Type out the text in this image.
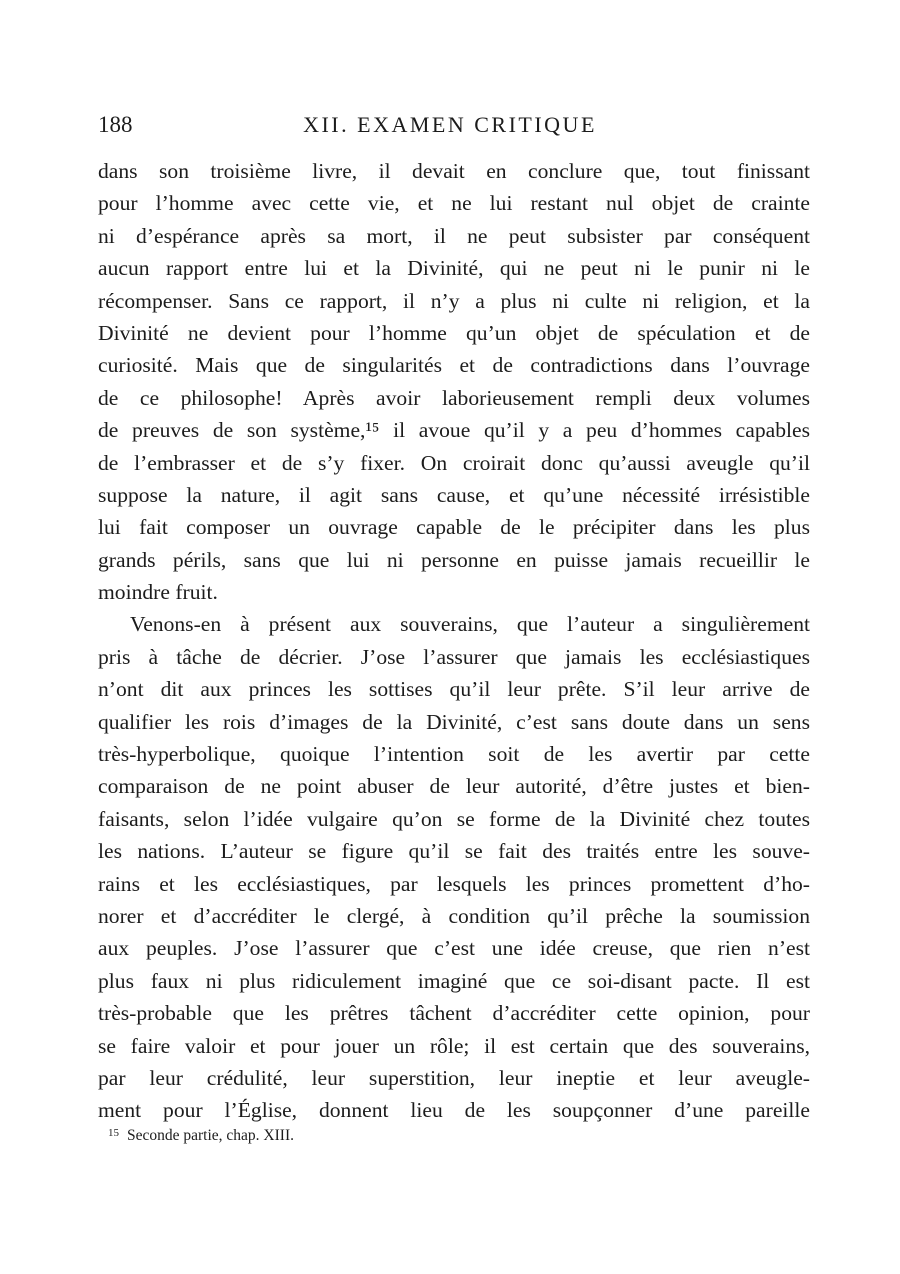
188	XII. EXAMEN CRITIQUE
dans son troisième livre, il devait en conclure que, tout finissant
pour l’homme avec cette vie, et ne lui restant nul objet de crainte
ni d’espérance après sa mort, il ne peut subsister par conséquent
aucun rapport entre lui et la Divinité, qui ne peut ni le punir ni le
récompenser. Sans ce rapport, il n’y a plus ni culte ni religion, et la
Divinité ne devient pour l’homme qu’un objet de spéculation et de
curiosité. Mais que de singularités et de contradictions dans l’ouvrage
de ce philosophe! Après avoir laborieusement rempli deux volumes
de preuves de son système,¹⁵ il avoue qu’il y a peu d’hommes capables
de l’embrasser et de s’y fixer. On croirait donc qu’aussi aveugle qu’il
suppose la nature, il agit sans cause, et qu’une nécessité irrésistible
lui fait composer un ouvrage capable de le précipiter dans les plus
grands périls, sans que lui ni personne en puisse jamais recueillir le
moindre fruit.
Venons-en à présent aux souverains, que l’auteur a singulièrement
pris à tâche de décrier. J’ose l’assurer que jamais les ecclésiastiques
n’ont dit aux princes les sottises qu’il leur prête. S’il leur arrive de
qualifier les rois d’images de la Divinité, c’est sans doute dans un sens
très-hyperbolique, quoique l’intention soit de les avertir par cette
comparaison de ne point abuser de leur autorité, d’être justes et bien-
faisants, selon l’idée vulgaire qu’on se forme de la Divinité chez toutes
les nations. L’auteur se figure qu’il se fait des traités entre les souve-
rains et les ecclésiastiques, par lesquels les princes promettent d’ho-
norer et d’accréditer le clergé, à condition qu’il prêche la soumission
aux peuples. J’ose l’assurer que c’est une idée creuse, que rien n’est
plus faux ni plus ridiculement imaginé que ce soi-disant pacte. Il est
très-probable que les prêtres tâchent d’accréditer cette opinion, pour
se faire valoir et pour jouer un rôle; il est certain que des souverains,
par leur crédulité, leur superstition, leur ineptie et leur aveugle-
ment pour l’Église, donnent lieu de les soupçonner d’une pareille
$^{15}$ Seconde partie, chap. XIII.
